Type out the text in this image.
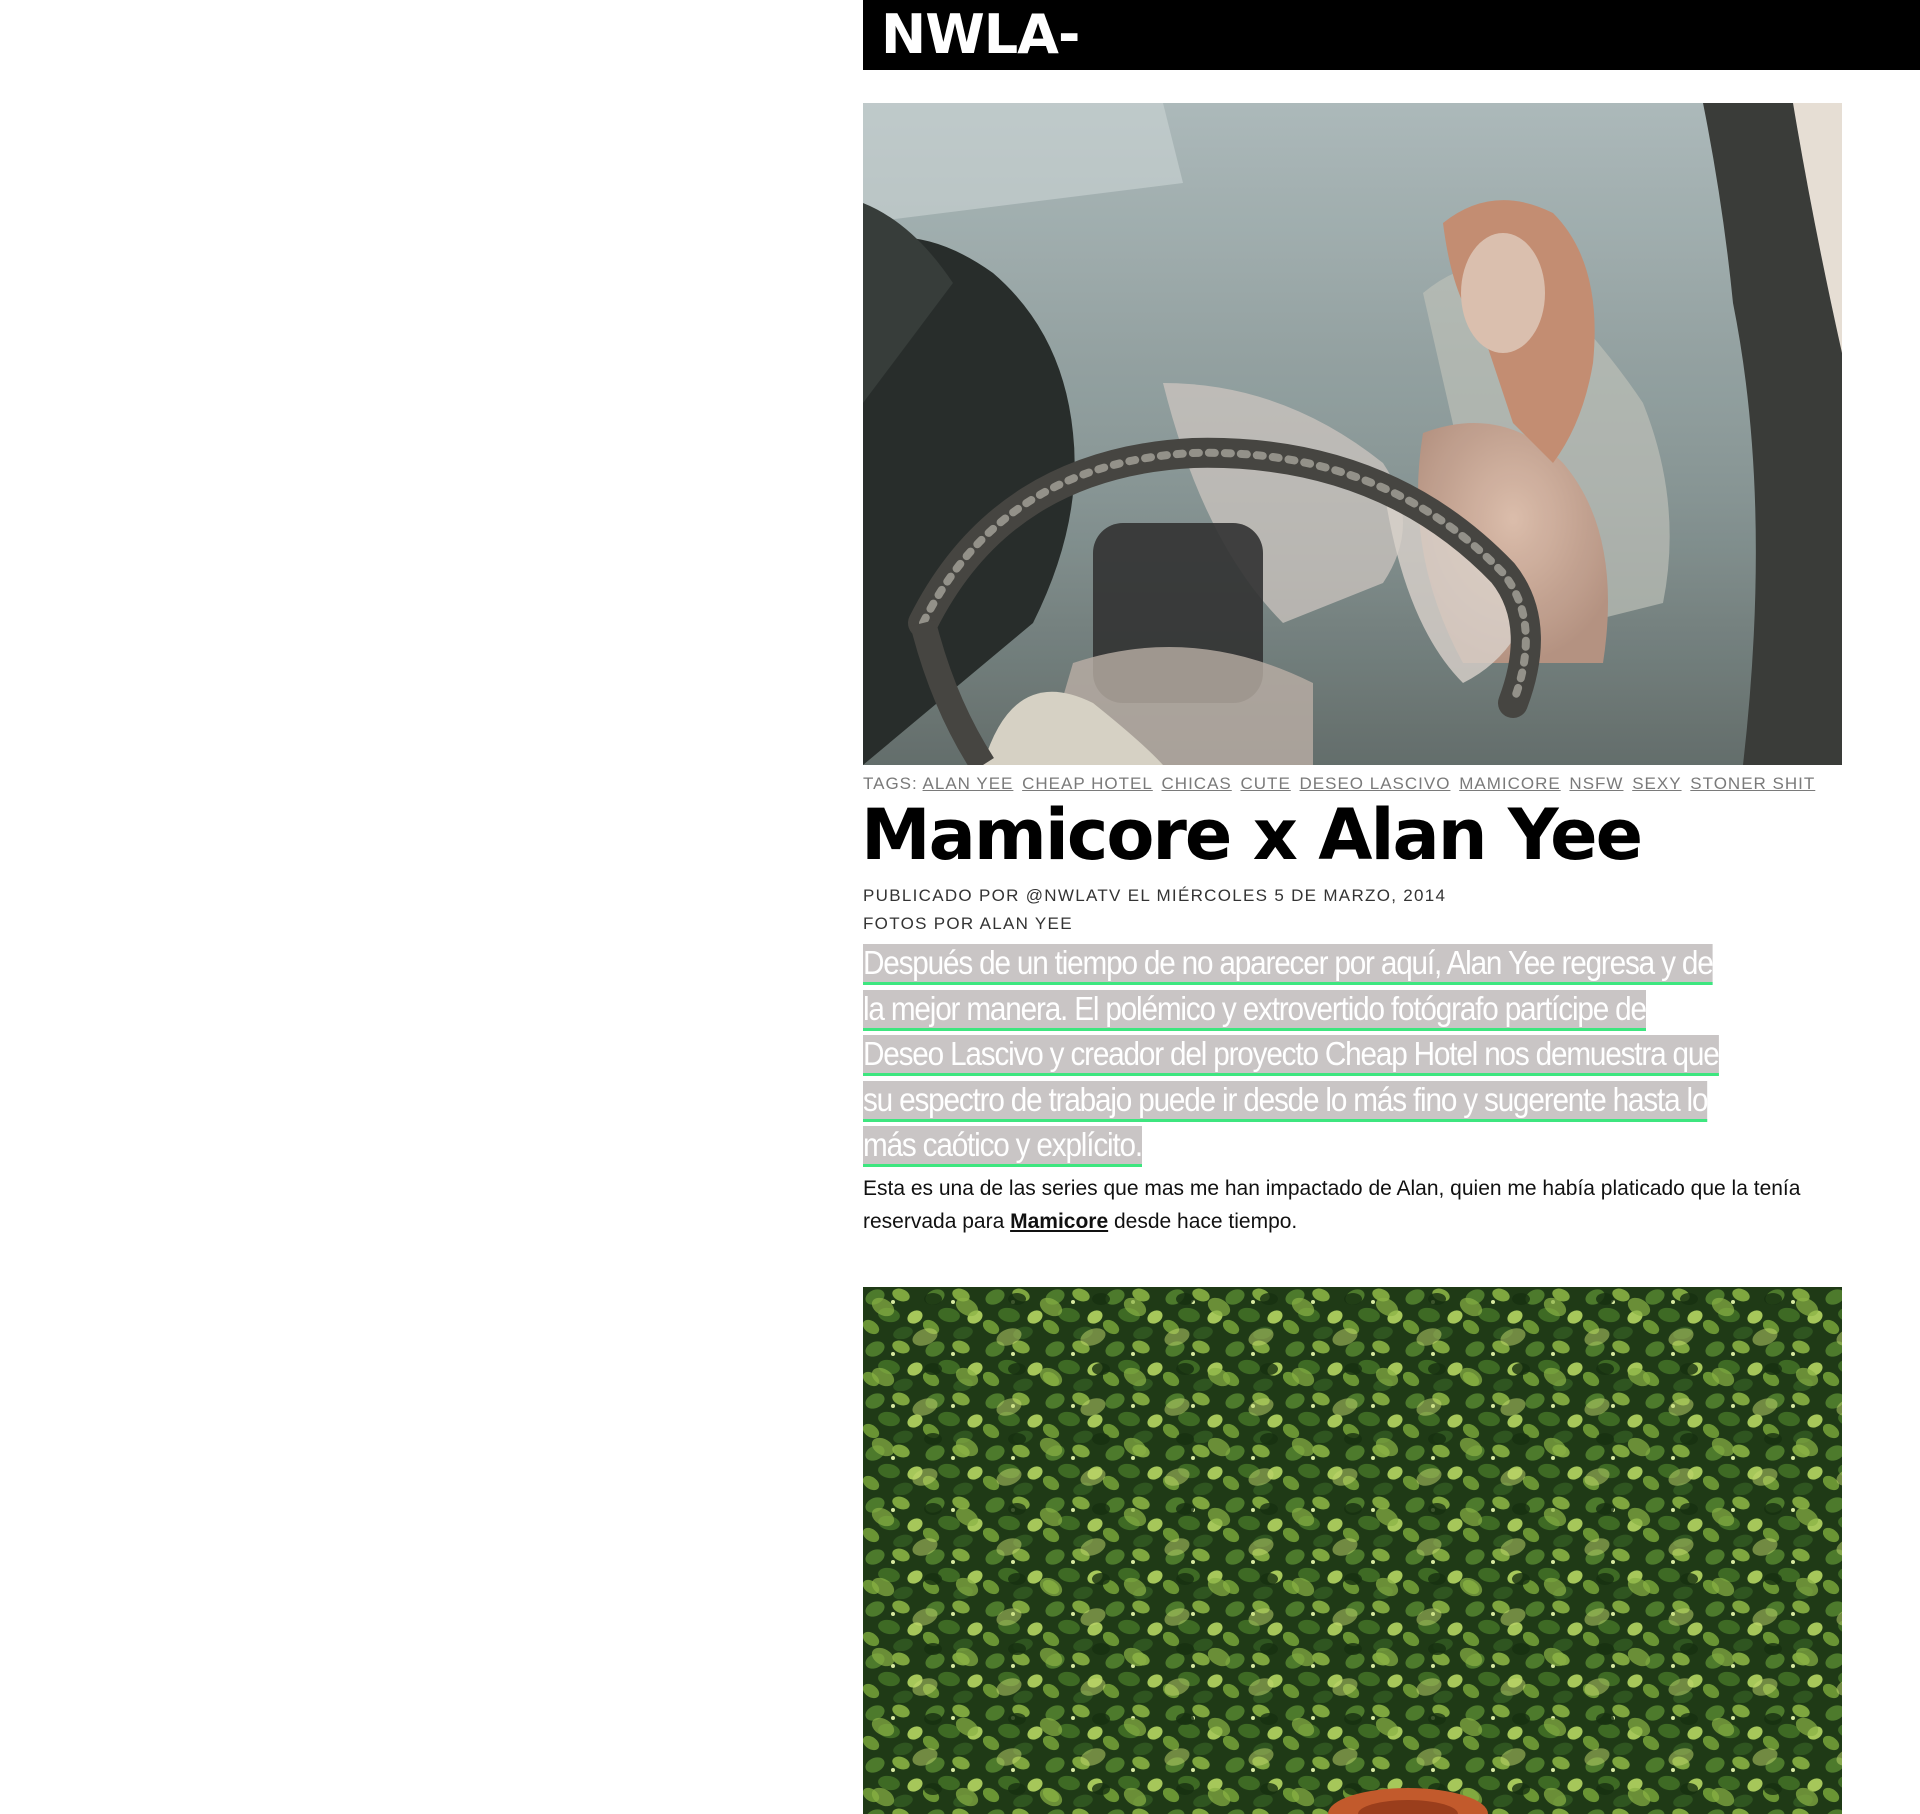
NWLA-
TAGS: ALAN YEE CHEAP HOTEL CHICAS CUTE DESEO LASCIVO MAMICORE NSFW SEXY STONER SHIT
Mamicore x Alan Yee
PUBLICADO POR @NWLATV EL MIÉRCOLES 5 DE MARZO, 2014
FOTOS POR ALAN YEE

Después de un tiempo de no aparecer por aquí, Alan Yee regresa y de la mejor manera. El polémico y extrovertido fotógrafo partícipe de Deseo Lascivo y creador del proyecto Cheap Hotel nos demuestra que su espectro de trabajo puede ir desde lo más fino y sugerente hasta lo más caótico y explícito.

Esta es una de las series que mas me han impactado de Alan, quien me había platicado que la tenía reservada para Mamicore desde hace tiempo.
